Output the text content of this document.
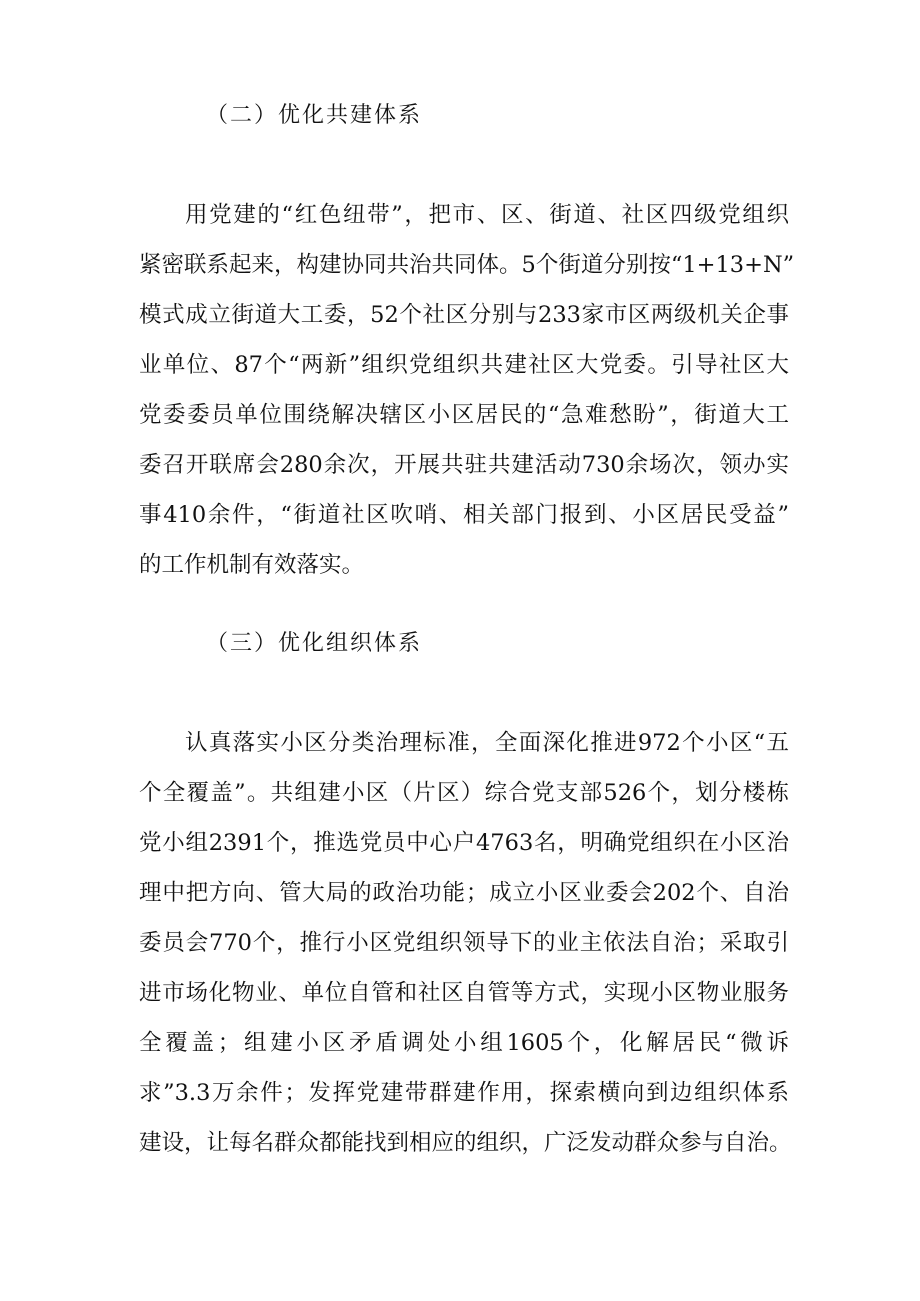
（二）优化共建体系
用党建的“红色纽带”，把市、区、街道、社区四级党组织
紧密联系起来，构建协同共治共同体。5个街道分别按“1+13+N”
模式成立街道大工委，52个社区分别与233家市区两级机关企事
业单位、87个“两新”组织党组织共建社区大党委。引导社区大
党委委员单位围绕解决辖区小区居民的“急难愁盼”，街道大工
委召开联席会280余次，开展共驻共建活动730余场次，领办实
事410余件，“街道社区吹哨、相关部门报到、小区居民受益”
的工作机制有效落实。
（三）优化组织体系
认真落实小区分类治理标准，全面深化推进972个小区“五
个全覆盖”。共组建小区（片区）综合党支部526个，划分楼栋
党小组2391个，推选党员中心户4763名，明确党组织在小区治
理中把方向、管大局的政治功能；成立小区业委会202个、自治
委员会770个，推行小区党组织领导下的业主依法自治；采取引
进市场化物业、单位自管和社区自管等方式，实现小区物业服务
全覆盖；组建小区矛盾调处小组1605个，化解居民“微诉
求”3.3万余件；发挥党建带群建作用，探索横向到边组织体系
建设，让每名群众都能找到相应的组织，广泛发动群众参与自治。
